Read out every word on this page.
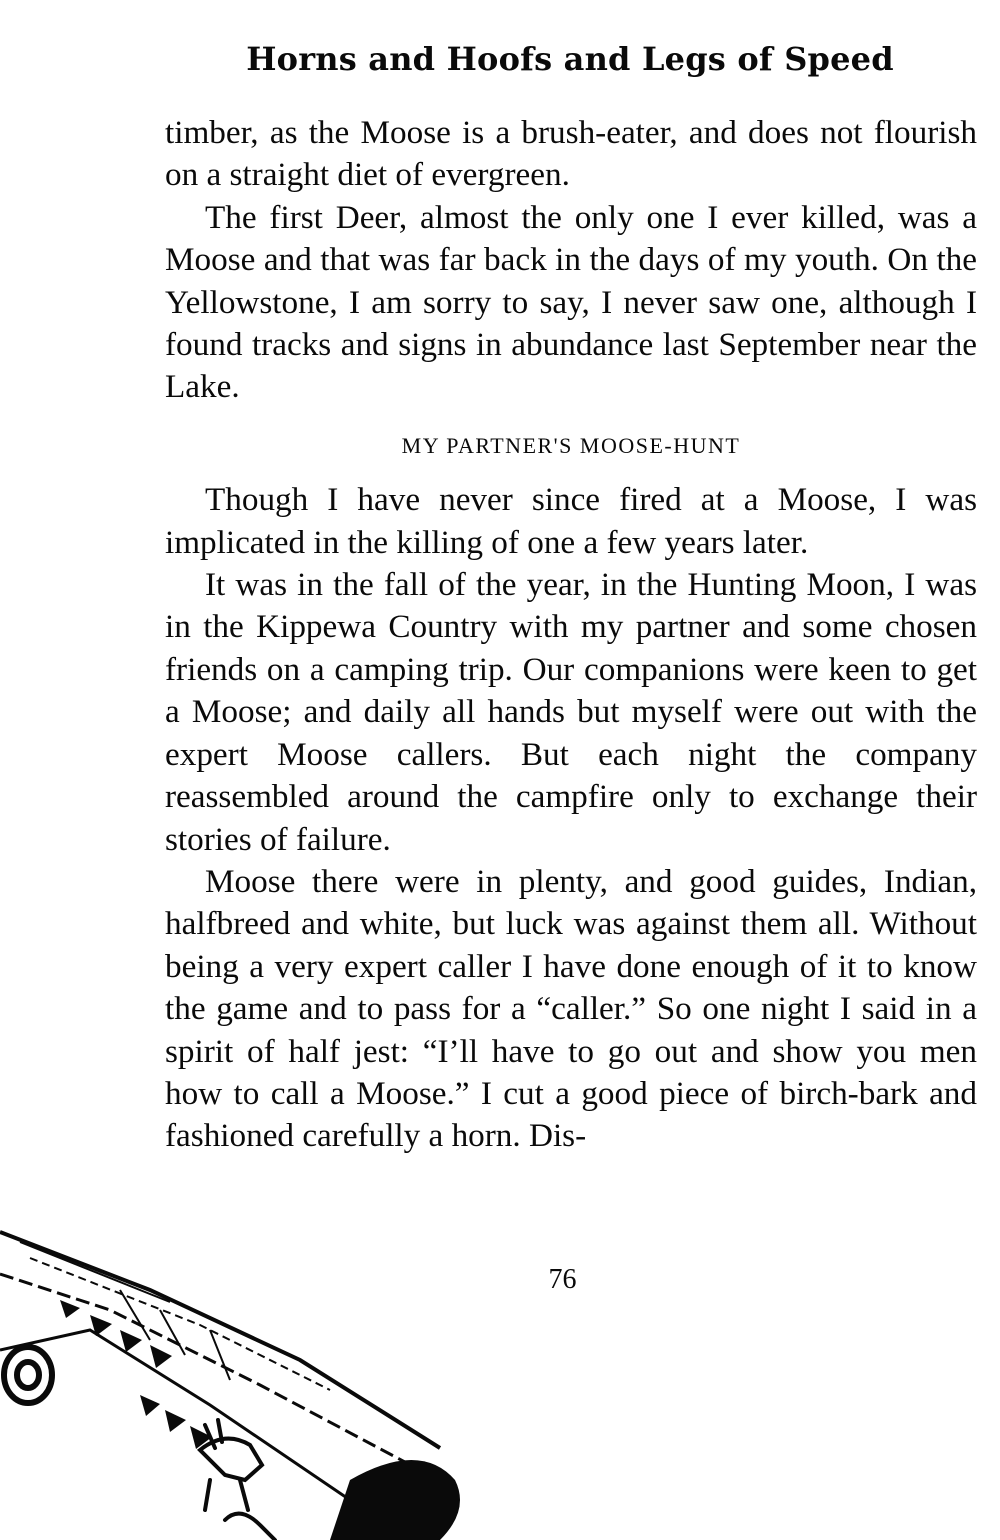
Horns and Hoofs and Legs of Speed

timber, as the Moose is a brush-eater, and does not flourish on a straight diet of evergreen.

The first Deer, almost the only one I ever killed, was a Moose and that was far back in the days of my youth. On the Yellowstone, I am sorry to say, I never saw one, although I found tracks and signs in abundance last September near the Lake.

MY PARTNER'S MOOSE-HUNT

Though I have never since fired at a Moose, I was implicated in the killing of one a few years later.

It was in the fall of the year, in the Hunting Moon, I was in the Kippewa Country with my partner and some chosen friends on a camping trip. Our companions were keen to get a Moose; and daily all hands but myself were out with the expert Moose callers. But each night the company reassembled around the campfire only to exchange their stories of failure.

Moose there were in plenty, and good guides, Indian, halfbreed and white, but luck was against them all. Without being a very expert caller I have done enough of it to know the game and to pass for a “caller.” So one night I said in a spirit of half jest: “I’ll have to go out and show you men how to call a Moose.” I cut a good piece of birch-bark and fashioned carefully a horn. Dis-

76
